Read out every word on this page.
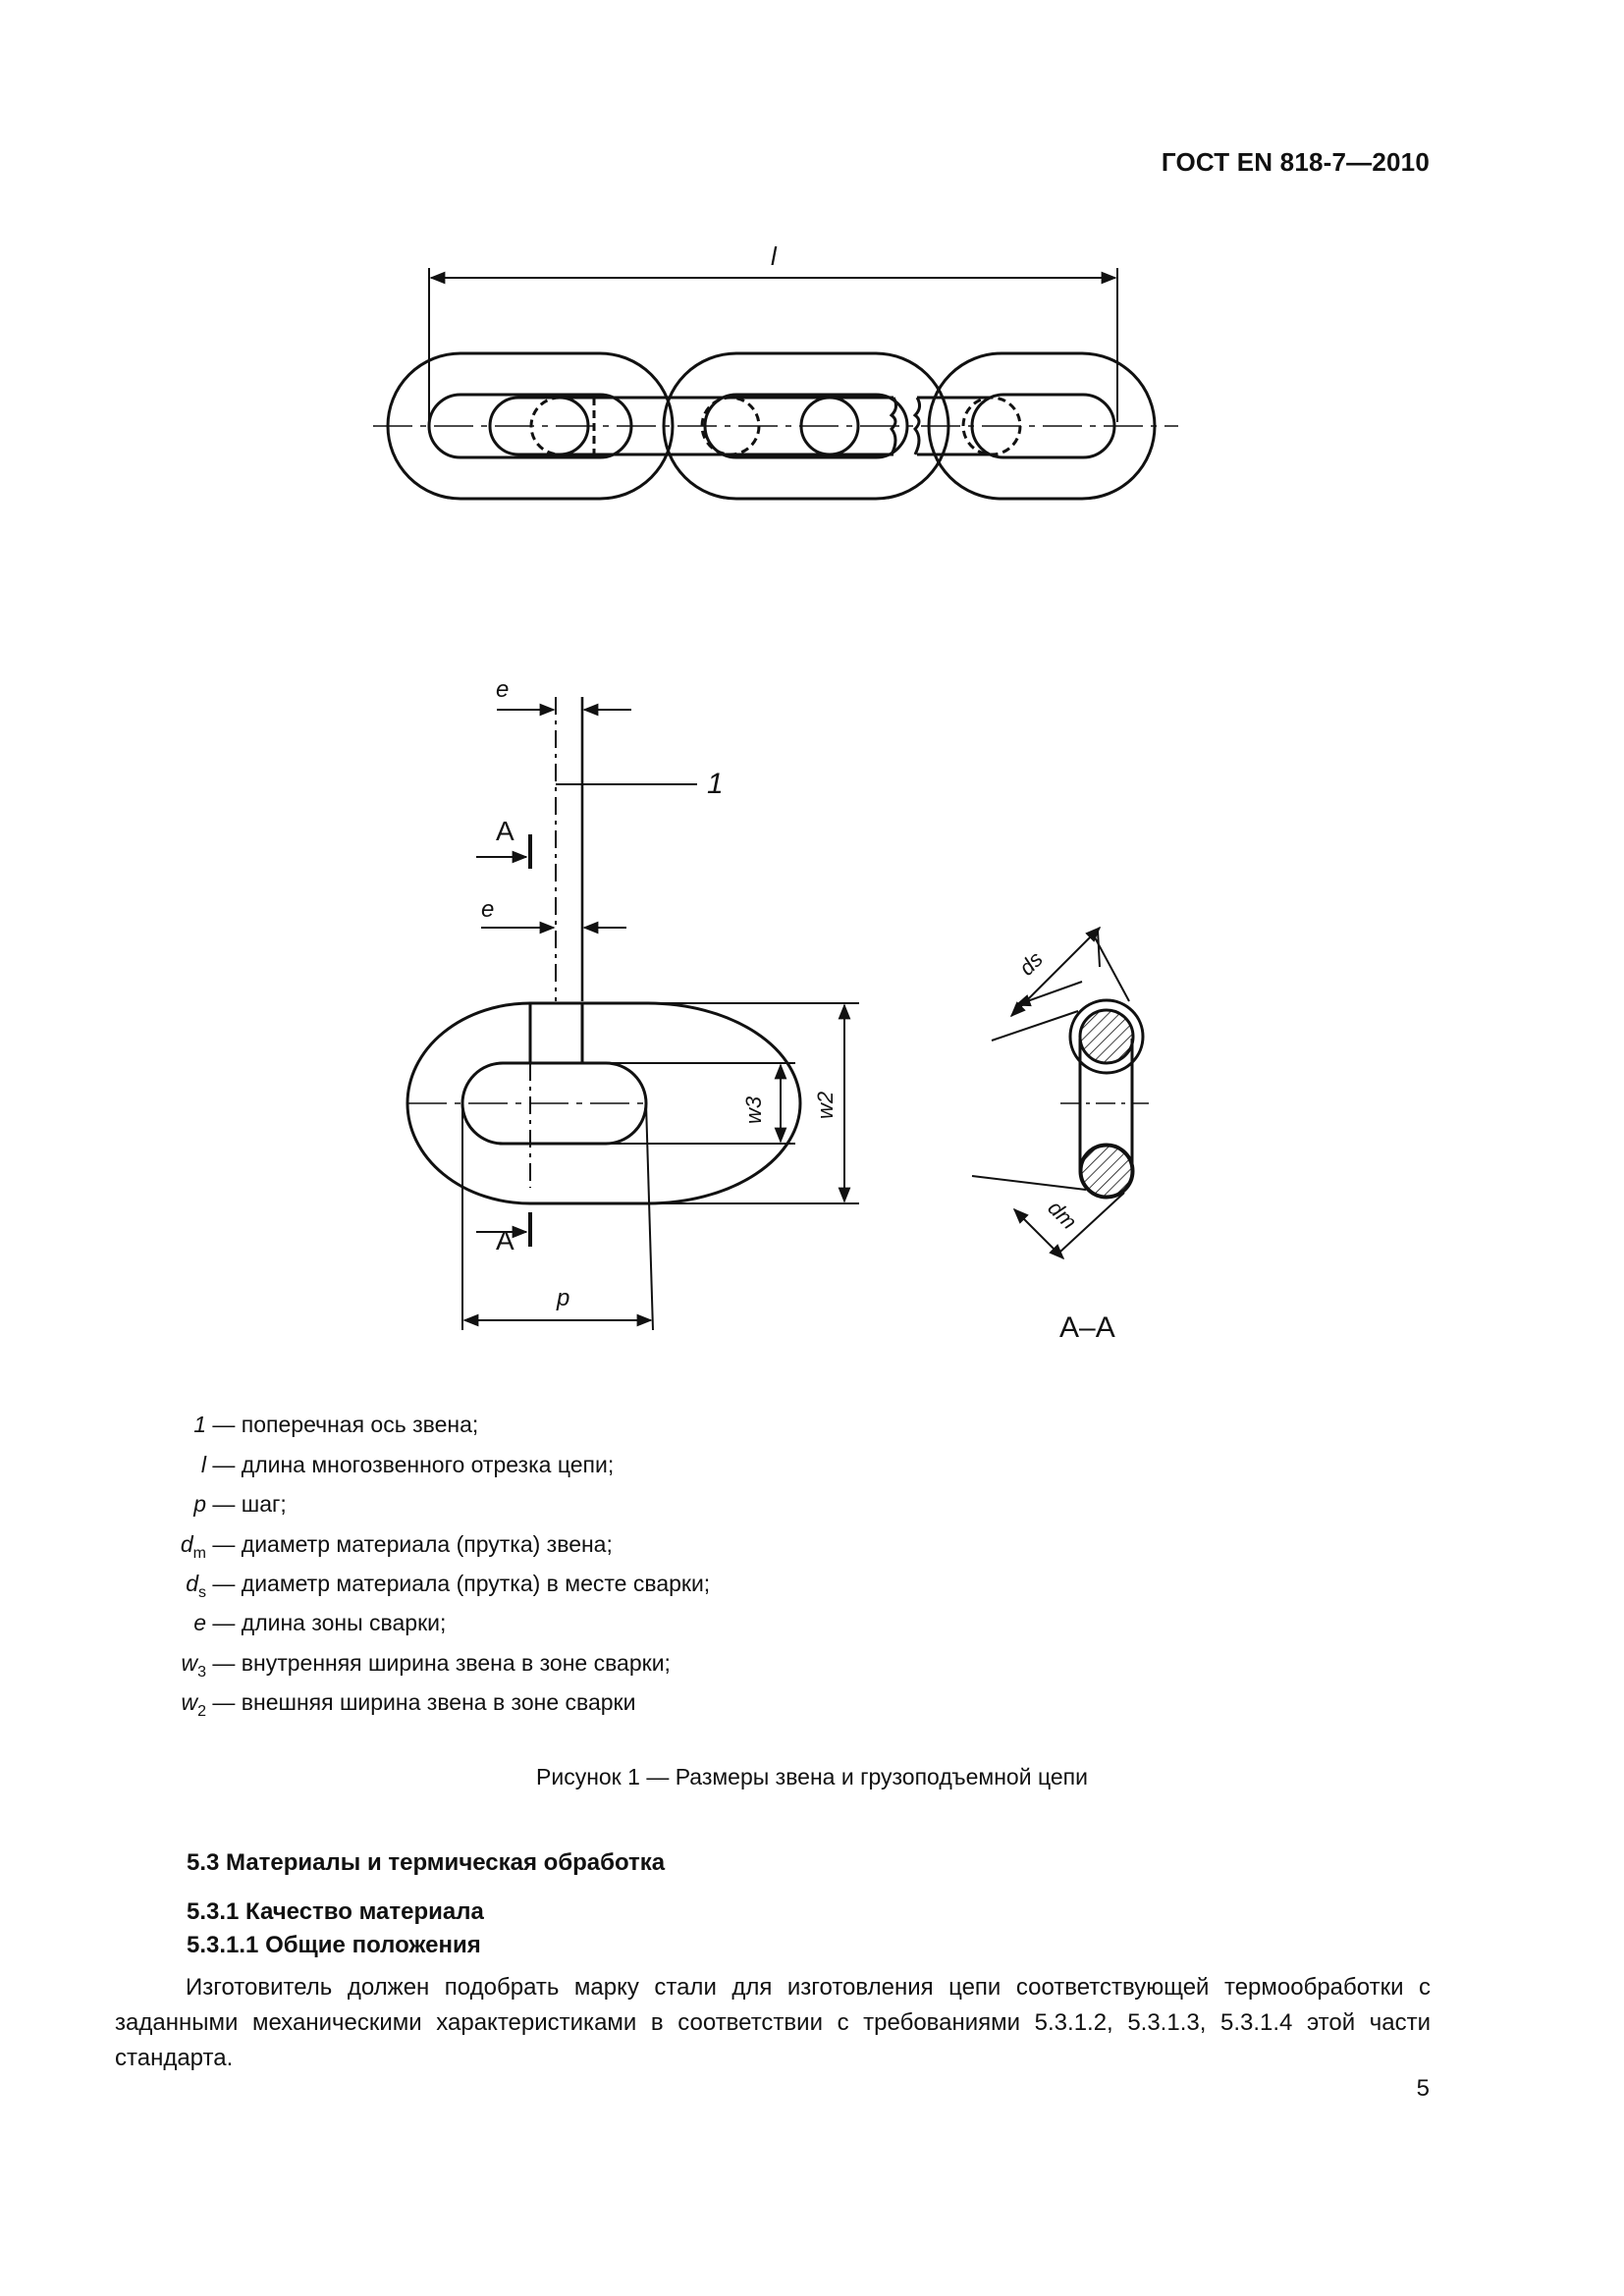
ГОСТ EN 818-7—2010
l
e
1
A
e
w3 w2
A
p
ds
dm
А–А
1 — поперечная ось звена;
l — длина многозвенного отрезка цепи;
p — шаг;
$d_m$ — диаметр материала (прутка) звена;
$d_s$ — диаметр материала (прутка) в месте сварки;
e — длина зоны сварки;
$w_3$ — внутренняя ширина звена в зоне сварки;
$w_2$ — внешняя ширина звена в зоне сварки
Рисунок 1 — Размеры звена и грузоподъемной цепи
5.3 Материалы и термическая обработка
5.3.1 Качество материала
5.3.1.1 Общие положения
Изготовитель должен подобрать марку стали для изготовления цепи соответствующей термообработки с заданными механическими характеристиками в соответствии с требованиями 5.3.1.2, 5.3.1.3, 5.3.1.4 этой части стандарта.
5
